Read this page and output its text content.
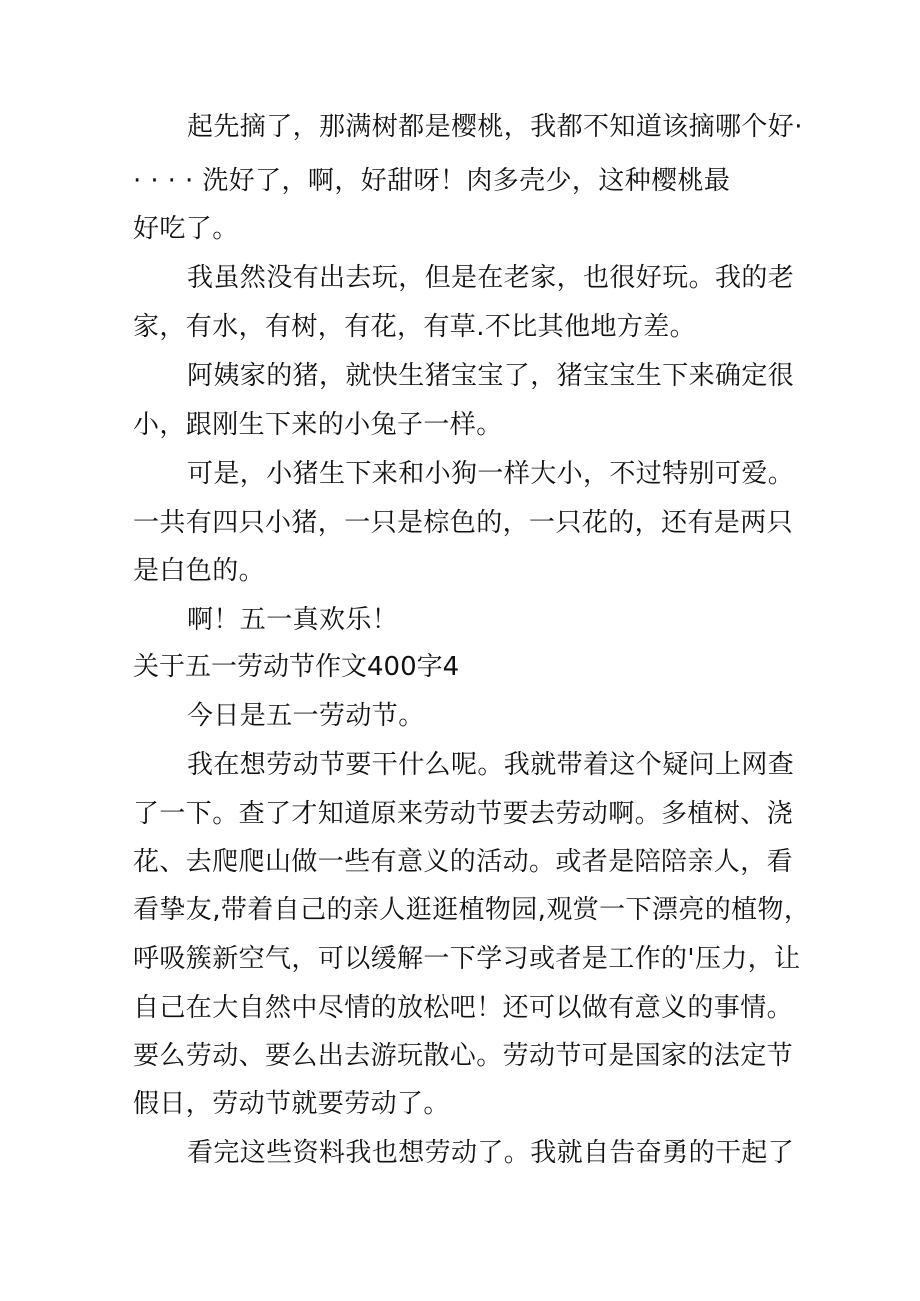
起先摘了，那满树都是樱桃，我都不知道该摘哪个好·
· · · · 洗好了，啊，好甜呀！肉多壳少，这种樱桃最
好吃了。
我虽然没有出去玩，但是在老家，也很好玩。我的老
家，有水，有树，有花，有草.不比其他地方差。
阿姨家的猪，就快生猪宝宝了，猪宝宝生下来确定很
小，跟刚生下来的小兔子一样。
可是，小猪生下来和小狗一样大小，不过特别可爱。
一共有四只小猪，一只是棕色的，一只花的，还有是两只
是白色的。
啊！五一真欢乐！
关于五一劳动节作文400字4
今日是五一劳动节。
我在想劳动节要干什么呢。我就带着这个疑问上网查
了一下。查了才知道原来劳动节要去劳动啊。多植树、浇
花、去爬爬山做一些有意义的活动。或者是陪陪亲人，看
看挚友,带着自己的亲人逛逛植物园,观赏一下漂亮的植物，
呼吸簇新空气，可以缓解一下学习或者是工作的'压力，让
自己在大自然中尽情的放松吧！还可以做有意义的事情。
要么劳动、要么出去游玩散心。劳动节可是国家的法定节
假日，劳动节就要劳动了。
看完这些资料我也想劳动了。我就自告奋勇的干起了
